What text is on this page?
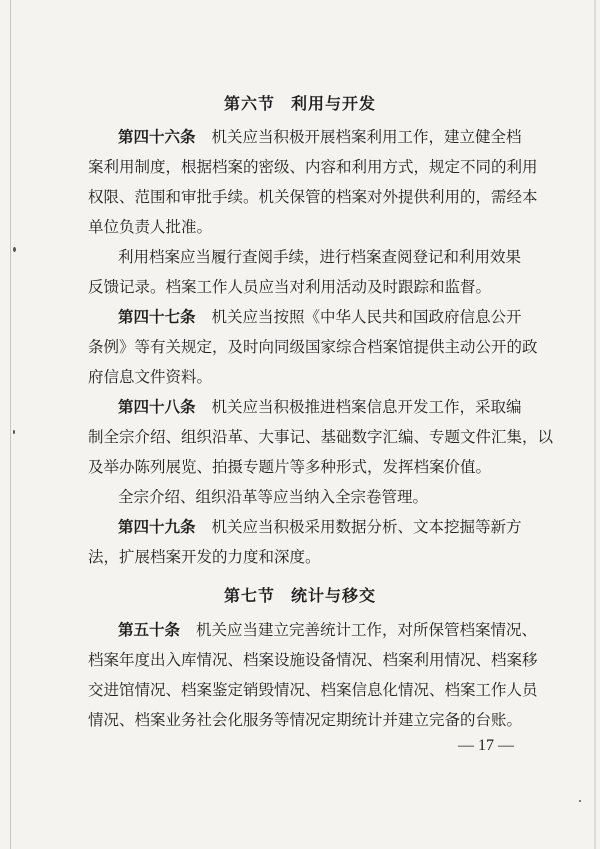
第六节 利用与开发
第四十六条 机关应当积极开展档案利用工作，建立健全档
案利用制度，根据档案的密级、内容和利用方式，规定不同的利用
权限、范围和审批手续。机关保管的档案对外提供利用的，需经本
单位负责人批准。
利用档案应当履行查阅手续，进行档案查阅登记和利用效果
反馈记录。档案工作人员应当对利用活动及时跟踪和监督。
第四十七条 机关应当按照《中华人民共和国政府信息公开
条例》等有关规定，及时向同级国家综合档案馆提供主动公开的政
府信息文件资料。
第四十八条 机关应当积极推进档案信息开发工作，采取编
制全宗介绍、组织沿革、大事记、基础数字汇编、专题文件汇集，以
及举办陈列展览、拍摄专题片等多种形式，发挥档案价值。
全宗介绍、组织沿革等应当纳入全宗卷管理。
第四十九条 机关应当积极采用数据分析、文本挖掘等新方
法，扩展档案开发的力度和深度。
第七节 统计与移交
第五十条 机关应当建立完善统计工作，对所保管档案情况、
档案年度出入库情况、档案设施设备情况、档案利用情况、档案移
交进馆情况、档案鉴定销毁情况、档案信息化情况、档案工作人员
情况、档案业务社会化服务等情况定期统计并建立完备的台账。
— 17 —
